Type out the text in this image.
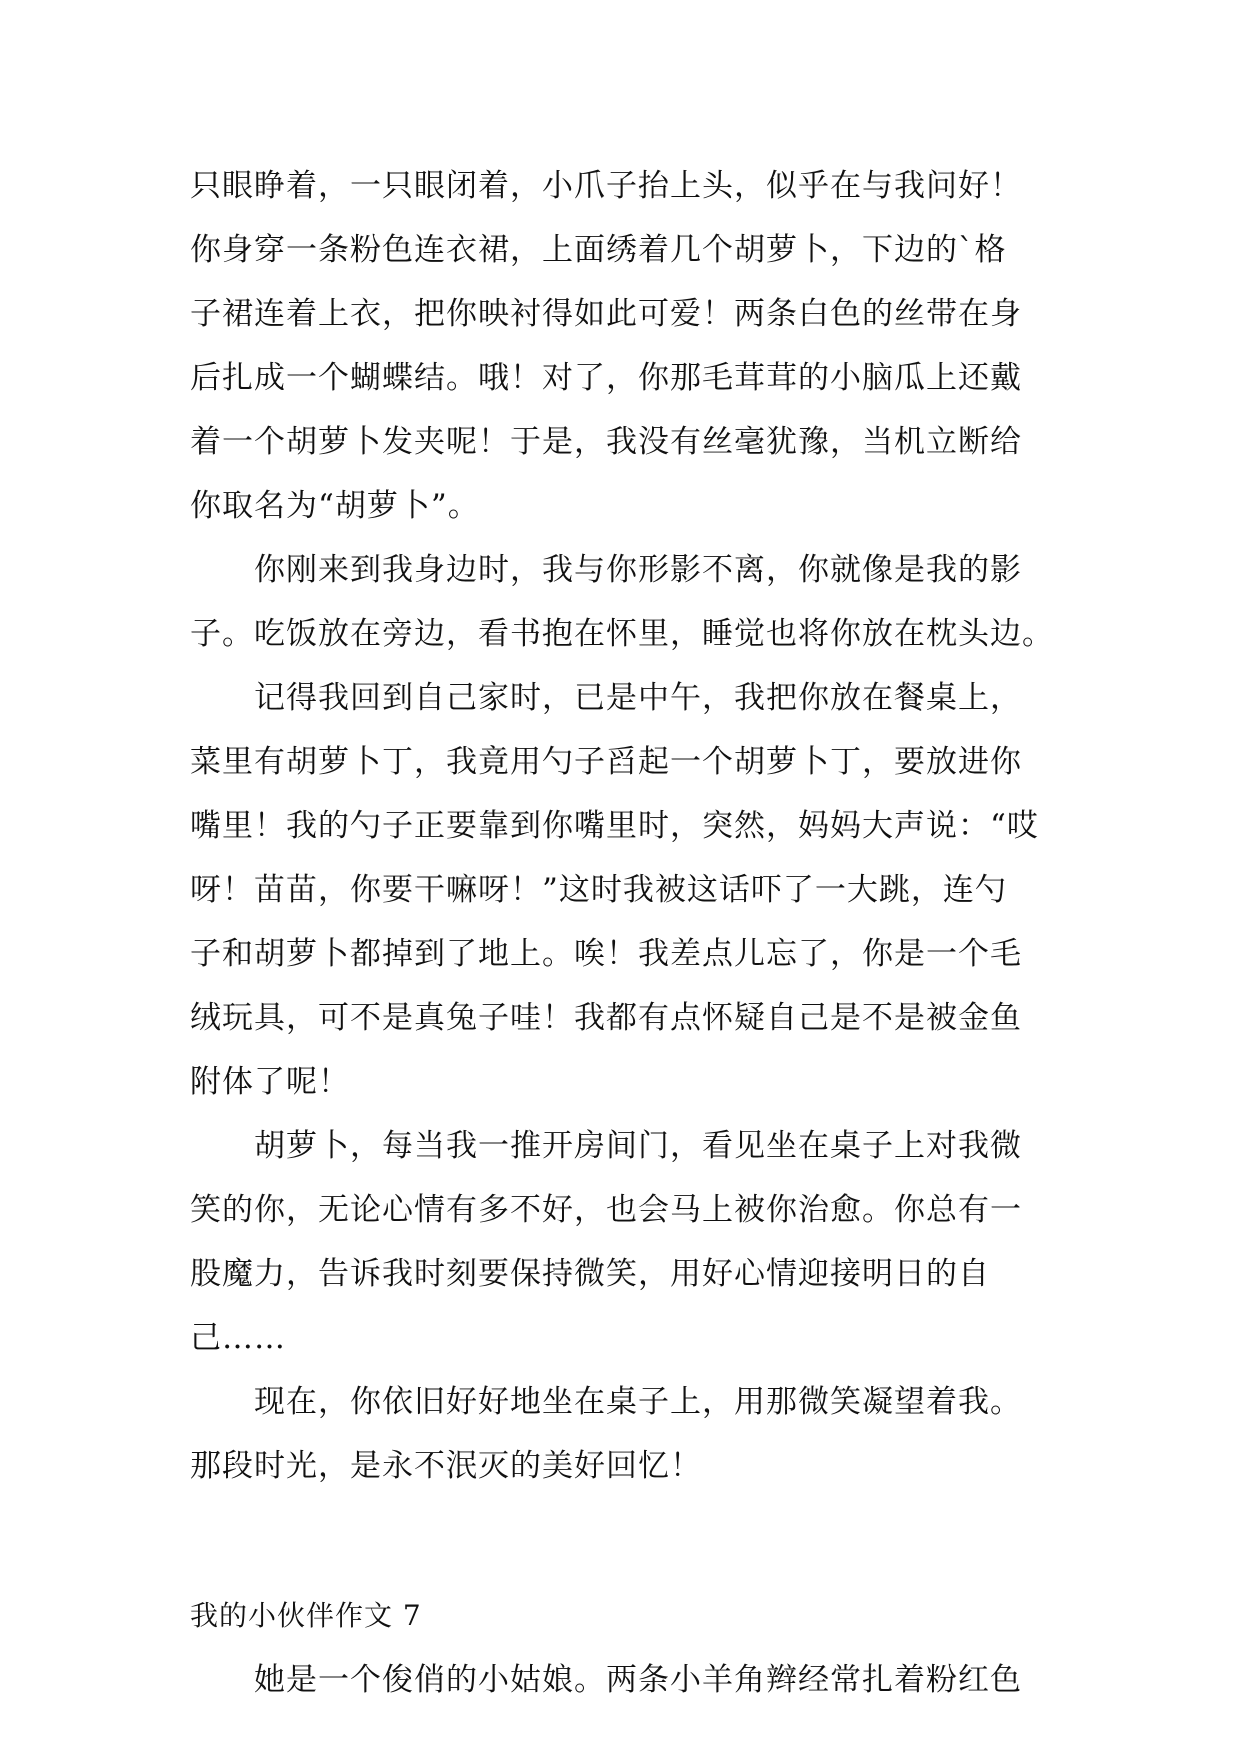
只眼睁着，一只眼闭着，小爪子抬上头，似乎在与我问好！
你身穿一条粉色连衣裙，上面绣着几个胡萝卜，下边的`格
子裙连着上衣，把你映衬得如此可爱！两条白色的丝带在身
后扎成一个蝴蝶结。哦！对了，你那毛茸茸的小脑瓜上还戴
着一个胡萝卜发夹呢！于是，我没有丝毫犹豫，当机立断给
你取名为“胡萝卜”。
你刚来到我身边时，我与你形影不离，你就像是我的影
子。吃饭放在旁边，看书抱在怀里，睡觉也将你放在枕头边。
记得我回到自己家时，已是中午，我把你放在餐桌上，
菜里有胡萝卜丁，我竟用勺子舀起一个胡萝卜丁，要放进你
嘴里！我的勺子正要靠到你嘴里时，突然，妈妈大声说：“哎
呀！苗苗，你要干嘛呀！”这时我被这话吓了一大跳，连勺
子和胡萝卜都掉到了地上。唉！我差点儿忘了，你是一个毛
绒玩具，可不是真兔子哇！我都有点怀疑自己是不是被金鱼
附体了呢！
胡萝卜，每当我一推开房间门，看见坐在桌子上对我微
笑的你，无论心情有多不好，也会马上被你治愈。你总有一
股魔力，告诉我时刻要保持微笑，用好心情迎接明日的自
己……
现在，你依旧好好地坐在桌子上，用那微笑凝望着我。
那段时光，是永不泯灭的美好回忆！
我的小伙伴作文 7
她是一个俊俏的小姑娘。两条小羊角辫经常扎着粉红色
